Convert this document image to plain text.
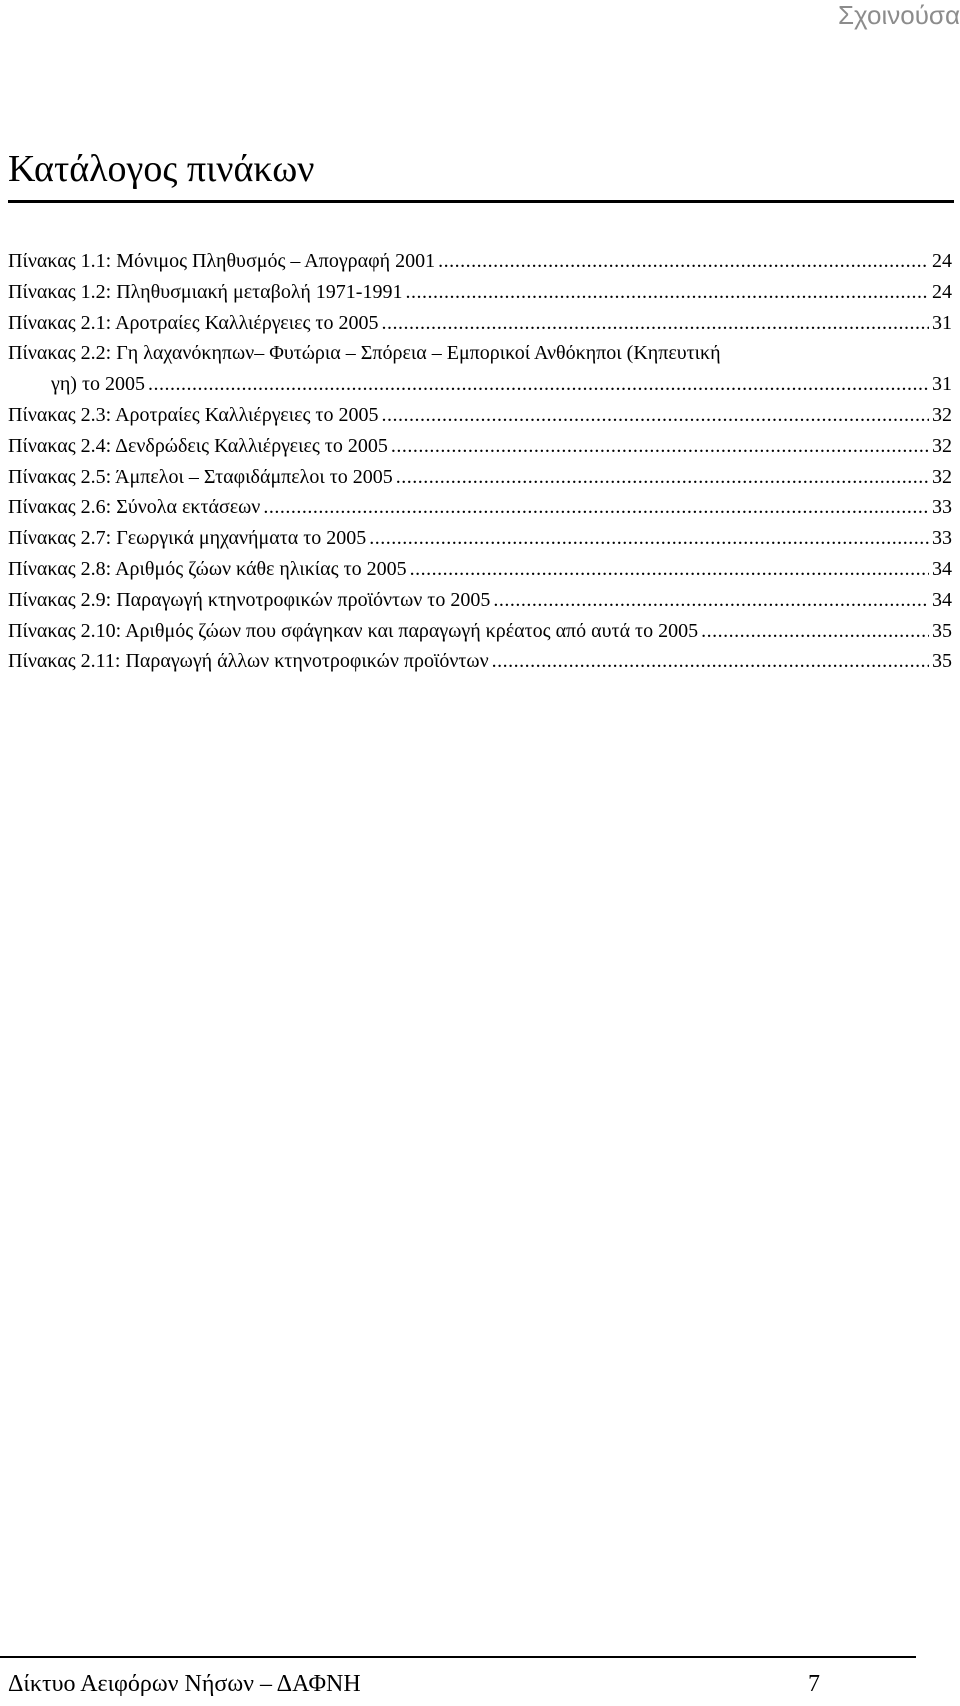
Σχοινούσα

Κατάλογος πινάκων
Πίνακας 1.1: Μόνιμος Πληθυσμός – Απογραφή 2001 .....	24
Πίνακας 1.2: Πληθυσμιακή μεταβολή 1971-1991 .....	24
Πίνακας 2.1: Αροτραίες Καλλιέργειες το 2005 .....	31
Πίνακας 2.2: Γη λαχανόκηπων– Φυτώρια – Σπόρεια – Εμπορικοί Ανθόκηποι (Κηπευτική
γη) το 2005 .....	31
Πίνακας 2.3: Αροτραίες Καλλιέργειες το 2005 .....	32
Πίνακας 2.4: Δενδρώδεις Καλλιέργειες το 2005 .....	32
Πίνακας 2.5: Άμπελοι – Σταφιδάμπελοι το 2005 .....	32
Πίνακας 2.6: Σύνολα εκτάσεων .....	33
Πίνακας 2.7: Γεωργικά μηχανήματα το 2005 .....	33
Πίνακας 2.8: Αριθμός ζώων κάθε ηλικίας το 2005 .....	34
Πίνακας 2.9: Παραγωγή κτηνοτροφικών προϊόντων το 2005 .....	34
Πίνακας 2.10: Αριθμός ζώων που σφάγηκαν και παραγωγή κρέατος από αυτά το 2005 .....	35
Πίνακας 2.11: Παραγωγή άλλων κτηνοτροφικών προϊόντων .....	35
Δίκτυο Αειφόρων Νήσων – ΔΑΦΝΗ	7
